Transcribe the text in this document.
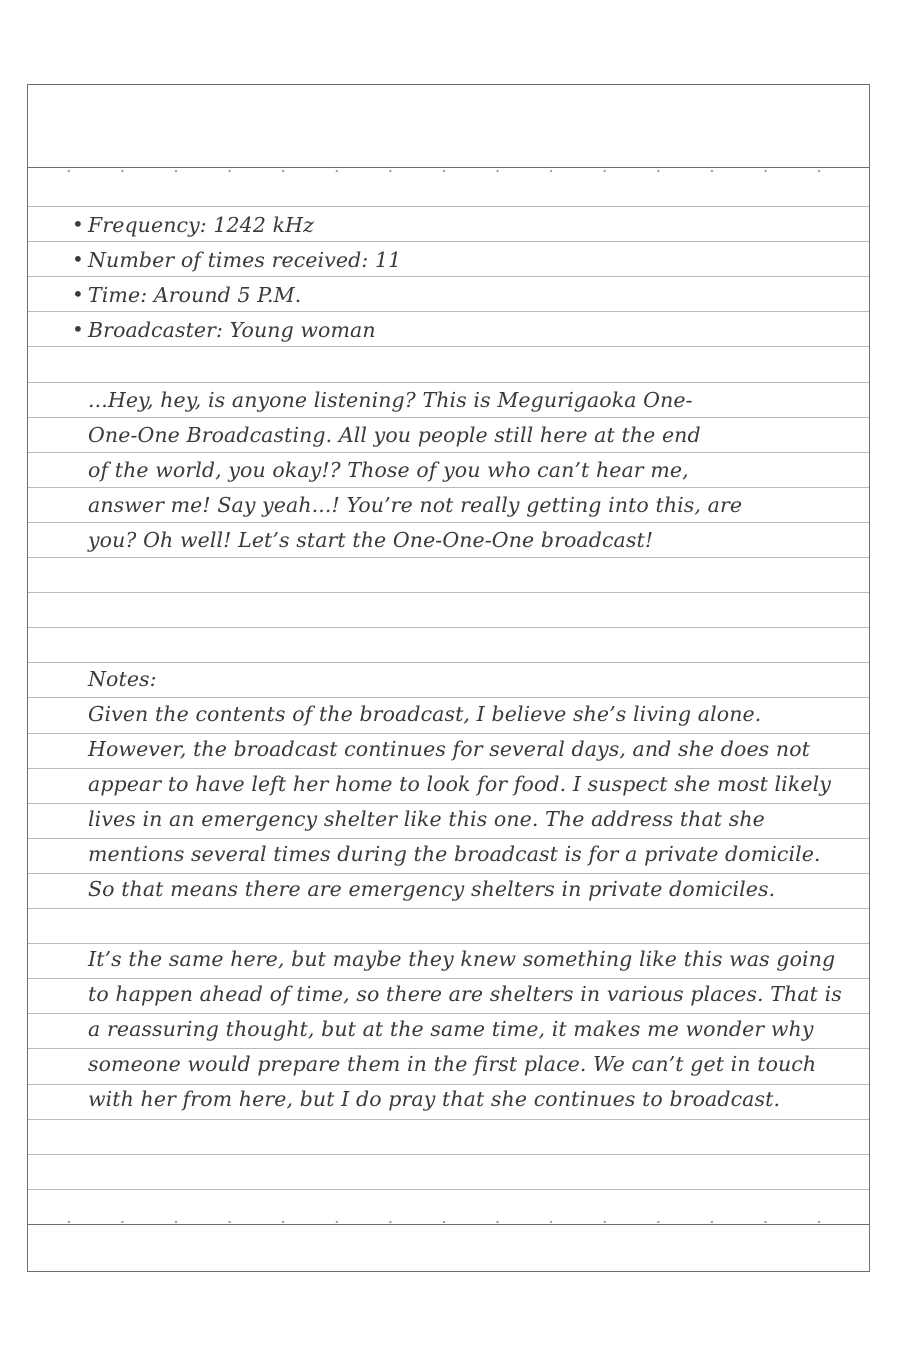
• Frequency: 1242 kHz
• Number of times received: 11
• Time: Around 5 P.M.
• Broadcaster: Young woman
...Hey, hey, is anyone listening? This is Megurigaoka One-
One-One Broadcasting. All you people still here at the end
of the world, you okay!? Those of you who can’t hear me,
answer me! Say yeah...! You’re not really getting into this, are
you? Oh well! Let’s start the One-One-One broadcast!
Notes:
Given the contents of the broadcast, I believe she’s living alone.
However, the broadcast continues for several days, and she does not
appear to have left her home to look for food. I suspect she most likely
lives in an emergency shelter like this one. The address that she
mentions several times during the broadcast is for a private domicile.
So that means there are emergency shelters in private domiciles.
It’s the same here, but maybe they knew something like this was going
to happen ahead of time, so there are shelters in various places. That is
a reassuring thought, but at the same time, it makes me wonder why
someone would prepare them in the first place. We can’t get in touch
with her from here, but I do pray that she continues to broadcast.
